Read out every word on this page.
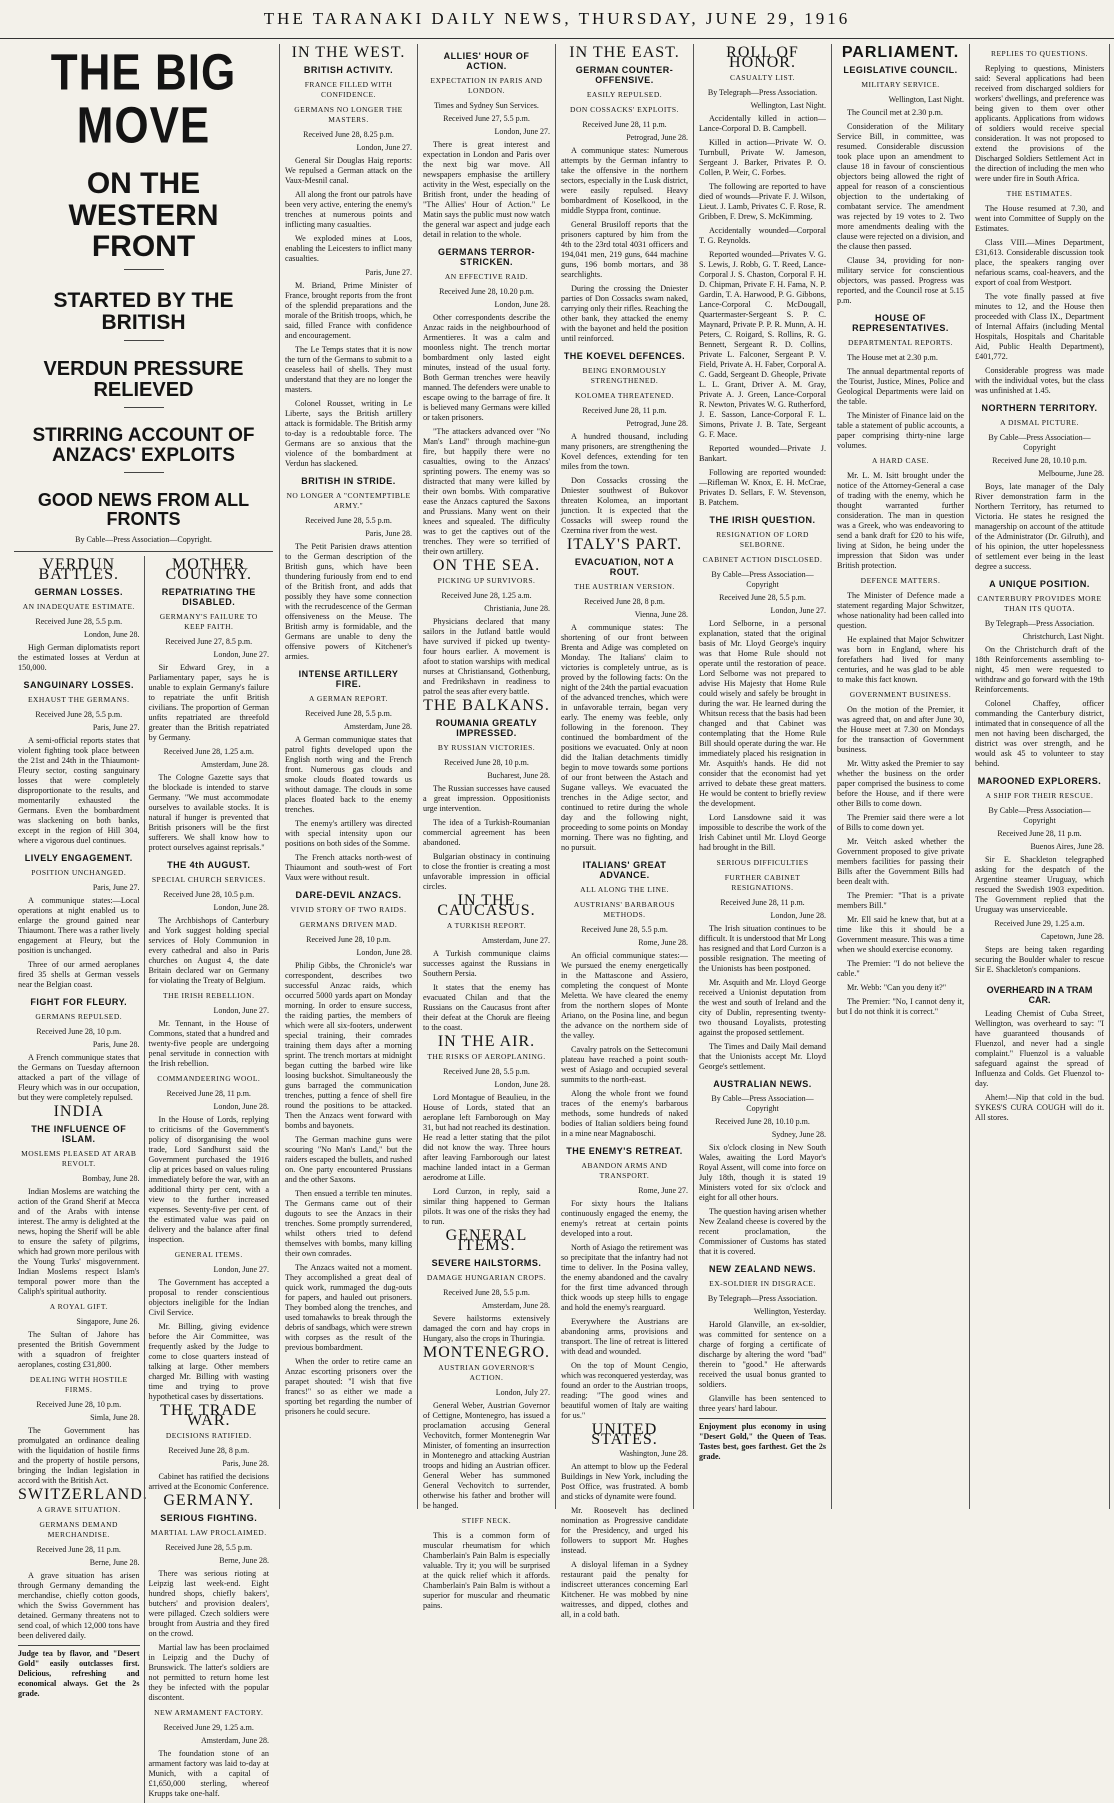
THE TARANAKI DAILY NEWS, THURSDAY, JUNE 29, 1916
THE BIG MOVE
ON THE WESTERN FRONT
STARTED BY THE BRITISH
VERDUN PRESSURE RELIEVED
STIRRING ACCOUNT OF ANZACS' EXPLOITS
GOOD NEWS FROM ALL FRONTS
By Cable—Press Association—Copyright.
VERDUN BATTLES.
GERMAN LOSSES.
AN INADEQUATE ESTIMATE.
Received June 28, 5.5 p.m.
London, June 28.

High German diplomatists report the estimated losses at Verdun at 150,000.

SANGUINARY LOSSES.
EXHAUST THE GERMANS.
Received June 28, 5.5 p.m.
Paris, June 27.

A semi-official reports states that violent fighting took place between the 21st and 24th in the Thiaumont-Fleury sector, costing sanguinary losses that were completely disproportionate to the results, and momentarily exhausted the Germans. Even the bombardment was slackening on both banks, except in the region of Hill 304, where a vigorous duel continues.

LIVELY ENGAGEMENT.
POSITION UNCHANGED.
Paris, June 27.

A communique states:—Local operations at night enabled us to enlarge the ground gained near Thiaumont. There was a rather lively engagement at Fleury, but the position is unchanged.

Three of our armed aeroplanes fired 35 shells at German vessels near the Belgian coast.

FIGHT FOR FLEURY.
GERMANS REPULSED.
Received June 28, 10 p.m.
Paris, June 28.

A French communique states that the Germans on Tuesday afternoon attacked a part of the village of Fleury which was in our occupation, but they were completely repulsed.

INDIA
THE INFLUENCE OF ISLAM.
MOSLEMS PLEASED AT ARAB REVOLT.
Bombay, June 28.

Indian Moslems are watching the action of the Grand Sherif at Mecca and of the Arabs with intense interest. The army is delighted at the news, hoping the Sherif will be able to ensure the safety of pilgrims, which had grown more perilous with the Young Turks' misgovernment. Indian Moslems respect Islam's temporal power more than the Caliph's spiritual authority.

A ROYAL GIFT.
Singapore, June 26.

The Sultan of Jahore has presented the British Government with a squadron of freighter aeroplanes, costing £31,800.

DEALING WITH HOSTILE FIRMS.
Received June 28, 10 p.m.
Simla, June 28.

The Government has promulgated an ordinance dealing with the liquidation of hostile firms and the property of hostile persons, bringing the Indian legislation in accord with the British Act.

SWITZERLAND.
A GRAVE SITUATION.
GERMANS DEMAND MERCHANDISE.
Received June 28, 11 p.m.
Berne, June 28.

A grave situation has arisen through Germany demanding the merchandise, chiefly cotton goods, which the Swiss Government has detained. Germany threatens not to send coal, of which 12,000 tons have been delivered daily.

Judge tea by flavor, and "Desert Gold" easily outclasses first. Delicious, refreshing and economical always. Get the 2s grade.
MOTHER COUNTRY.
REPATRIATING THE DISABLED.
GERMANY'S FAILURE TO KEEP FAITH.
Received June 27, 8.5 p.m.
London, June 27.

Sir Edward Grey, in a Parliamentary paper, says he is unable to explain Germany's failure to repatriate the unfit British civilians. The proportion of German unfits repatriated are threefold greater than the British repatriated by Germany.

Received June 28, 1.25 a.m.
Amsterdam, June 28.

The Cologne Gazette says that the blockade is intended to starve Germany. "We must accommodate ourselves to available stocks. It is natural if hunger is prevented that British prisoners will be the first sufferers. We shall know how to protect ourselves against reprisals."

THE 4th AUGUST.
SPECIAL CHURCH SERVICES.
Received June 28, 10.5 p.m.
London, June 28.

The Archbishops of Canterbury and York suggest holding special services of Holy Communion in every cathedral and also in Paris churches on August 4, the date Britain declared war on Germany for violating the Treaty of Belgium.

THE IRISH REBELLION.
London, June 27.

Mr. Tennant, in the House of Commons, stated that a hundred and twenty-five people are undergoing penal servitude in connection with the Irish rebellion.

COMMANDEERING WOOL.
Received June 28, 11 p.m.
London, June 28.

In the House of Lords, replying to criticisms of the Government's policy of disorganising the wool trade, Lord Sandhurst said the Government purchased the 1916 clip at prices based on values ruling immediately before the war, with an additional thirty per cent, with a view to the further increased expenses. Seventy-five per cent. of the estimated value was paid on delivery and the balance after final inspection.

GENERAL ITEMS.
London, June 27.

The Government has accepted a proposal to render conscientious objectors ineligible for the Indian Civil Service.

Mr. Billing, giving evidence before the Air Committee, was frequently asked by the Judge to come to close quarters instead of talking at large. Other members charged Mr. Billing with wasting time and trying to prove hypothetical cases by dissertations.

THE TRADE WAR.
DECISIONS RATIFIED.
Received June 28, 8 p.m.
Paris, June 28.

Cabinet has ratified the decisions arrived at the Economic Conference.

GERMANY.
SERIOUS FIGHTING.
MARTIAL LAW PROCLAIMED.
Received June 28, 5.5 p.m.
Berne, June 28.

There was serious rioting at Leipzig last week-end. Eight hundred shops, chiefly bakers', butchers' and provision dealers', were pillaged. Czech soldiers were brought from Austria and they fired on the crowd.

Martial law has been proclaimed in Leipzig and the Duchy of Brunswick. The latter's soldiers are not permitted to return home lest they be infected with the popular discontent.

NEW ARMAMENT FACTORY.
Received June 29, 1.25 a.m.
Amsterdam, June 28.

The foundation stone of an armament factory was laid to-day at Munich, with a capital of £1,650,000 sterling, whereof Krupps take one-half.

IN THE WEST.
BRITISH ACTIVITY.
FRANCE FILLED WITH CONFIDENCE.
GERMANS NO LONGER THE MASTERS.
Received June 28, 8.25 p.m.
London, June 27.

General Sir Douglas Haig reports: We repulsed a German attack on the Vaux-Mesnil canal.

All along the front our patrols have been very active, entering the enemy's trenches at numerous points and inflicting many casualties.

We exploded mines at Loos, enabling the Leicesters to inflict many casualties.

Paris, June 27.

M. Briand, Prime Minister of France, brought reports from the front of the splendid preparations and the morale of the British troops, which, he said, filled France with confidence and encouragement.

The Le Temps states that it is now the turn of the Germans to submit to a ceaseless hail of shells. They must understand that they are no longer the masters.

Colonel Rousset, writing in Le Liberte, says the British artillery attack is formidable. The British army to-day is a redoubtable force. The Germans are so anxious that the violence of the bombardment at Verdun has slackened.

BRITISH IN STRIDE.
NO LONGER A "CONTEMPTIBLE ARMY."
Received June 28, 5.5 p.m.
Paris, June 28.

The Petit Parisien draws attention to the German description of the British guns, which have been thundering furiously from end to end of the British front, and adds that possibly they have some connection with the recrudescence of the German offensiveness on the Meuse. The British army is formidable, and the Germans are unable to deny the offensive powers of Kitchener's armies.

INTENSE ARTILLERY FIRE.
A GERMAN REPORT.
Received June 28, 5.5 p.m.
Amsterdam, June 28.

A German communique states that patrol fights developed upon the English north wing and the French front. Numerous gas clouds and smoke clouds floated towards us without damage. The clouds in some places floated back to the enemy trenches.

The enemy's artillery was directed with special intensity upon our positions on both sides of the Somme.

The French attacks north-west of Thiaumont and south-west of Fort Vaux were without result.

DARE-DEVIL ANZACS.
VIVID STORY OF TWO RAIDS.
GERMANS DRIVEN MAD.
Received June 28, 10 p.m.
London, June 28.

Philip Gibbs, the Chronicle's war correspondent, describes two successful Anzac raids, which occurred 5000 yards apart on Monday morning. In order to ensure success, the raiding parties, the members of which were all six-footers, underwent special training, their comrades training them days after a morning sprint. The trench mortars at midnight began cutting the barbed wire like loosing buckshot. Simultaneously the guns barraged the communication trenches, putting a fence of shell fire round the positions to be attacked. Then the Anzacs went forward with bombs and bayonets.

The German machine guns were scouring "No Man's Land," but the raiders escaped the bullets, and rushed on. One party encountered Prussians and the other Saxons.

Then ensued a terrible ten minutes. The Germans came out of their dugouts to see the Anzacs in their trenches. Some promptly surrendered, whilst others tried to defend themselves with bombs, many killing their own comrades.

The Anzacs waited not a moment. They accomplished a great deal of quick work, rummaged the dug-outs for papers, and hauled out prisoners. They bombed along the trenches, and used tomahawks to break through the debris of sandbags, which were strewn with corpses as the result of the previous bombardment.

When the order to retire came an Anzac escorting prisoners over the parapet shouted: "I wish that five francs!" so as either we made a sporting bet regarding the number of prisoners he could secure.

ALLIES' HOUR OF ACTION.
EXPECTATION IN PARIS AND LONDON.
Times and Sydney Sun Services.
Received June 27, 5.5 p.m.
London, June 27.

There is great interest and expectation in London and Paris over the next big war move. All newspapers emphasise the artillery activity in the West, especially on the British front, under the heading of "The Allies' Hour of Action." Le Matin says the public must now watch the general war aspect and judge each detail in relation to the whole.

GERMANS TERROR-STRICKEN.
AN EFFECTIVE RAID.
Received June 28, 10.20 p.m.
London, June 28.

Other correspondents describe the Anzac raids in the neighbourhood of Armentieres. It was a calm and moonless night. The trench mortar bombardment only lasted eight minutes, instead of the usual forty. Both German trenches were heavily manned. The defenders were unable to escape owing to the barrage of fire. It is believed many Germans were killed or taken prisoners.

"The attackers advanced over "No Man's Land" through machine-gun fire, but happily there were no casualties, owing to the Anzacs' sprinting powers. The enemy was so distracted that many were killed by their own bombs. With comparative ease the Anzacs captured the Saxons and Prussians. Many went on their knees and squealed. The difficulty was to get the captives out of the trenches. They were so terrified of their own artillery.

ON THE SEA.
PICKING UP SURVIVORS.
Received June 28, 1.25 a.m.
Christiania, June 28.

Physicians declared that many sailors in the Jutland battle would have survived if picked up twenty-four hours earlier. A movement is afoot to station warships with medical nurses at Christiansand, Gothenburg, and Fredrikshavn in readiness to patrol the seas after every battle.

THE BALKANS.
ROUMANIA GREATLY IMPRESSED.
BY RUSSIAN VICTORIES.
Received June 28, 10 p.m.
Bucharest, June 28.

The Russian successes have caused a great impression. Oppositionists urge intervention.

The idea of a Turkish-Roumanian commercial agreement has been abandoned.

Bulgarian obstinacy in continuing to close the frontier is creating a most unfavorable impression in official circles.

IN THE CAUCASUS.
A TURKISH REPORT.
Amsterdam, June 27.

A Turkish communique claims successes against the Russians in Southern Persia.

It states that the enemy has evacuated Chilan and that the Russians on the Caucasus front after their defeat at the Choruk are fleeing to the coast.

IN THE AIR.
THE RISKS OF AEROPLANING.
Received June 28, 5.5 p.m.
London, June 28.

Lord Montague of Beaulieu, in the House of Lords, stated that an aeroplane left Farnborough on May 31, but had not reached its destination. He read a letter stating that the pilot did not know the way. Three hours after leaving Farnborough our latest machine landed intact in a German aerodrome at Lille.

Lord Curzon, in reply, said a similar thing happened to German pilots. It was one of the risks they had to run.

GENERAL ITEMS.
SEVERE HAILSTORMS.
DAMAGE HUNGARIAN CROPS.
Received June 28, 5.5 p.m.
Amsterdam, June 28.

Severe hailstorms extensively damaged the corn and hay crops in Hungary, also the crops in Thuringia.

MONTENEGRO.
AUSTRIAN GOVERNOR'S ACTION.
London, July 27.

General Weber, Austrian Governor of Cettigne, Montenegro, has issued a proclamation accusing General Vechovitch, former Montenegrin War Minister, of fomenting an insurrection in Montenegro and attacking Austrian troops and hiding an Austrian officer. General Weber has summoned General Vechovitch to surrender, otherwise his father and brother will be hanged.

STIFF NECK.

This is a common form of muscular rheumatism for which Chamberlain's Pain Balm is especially valuable. Try it; you will be surprised at the quick relief which it affords. Chamberlain's Pain Balm is without a superior for muscular and rheumatic pains.

IN THE EAST.
GERMAN COUNTER-OFFENSIVE.
EASILY REPULSED.
DON COSSACKS' EXPLOITS.
Received June 28, 11 p.m.
Petrograd, June 28.

A communique states: Numerous attempts by the German infantry to take the offensive in the northern sectors, especially in the Lusk district, were easily repulsed. Heavy bombardment of Koselkood, in the middle Styppa front, continue.

General Brusiloff reports that the prisoners captured by him from the 4th to the 23rd total 4031 officers and 194,041 men, 219 guns, 644 machine guns, 196 bomb mortars, and 38 searchlights.

During the crossing the Dniester parties of Don Cossacks swam naked, carrying only their rifles. Reaching the other bank, they attacked the enemy with the bayonet and held the position until reinforced.

THE KOEVEL DEFENCES.
BEING ENORMOUSLY STRENGTHENED.
KOLOMEA THREATENED.
Received June 28, 11 p.m.
Petrograd, June 28.

A hundred thousand, including many prisoners, are strengthening the Kovel defences, extending for ten miles from the town.

Don Cossacks crossing the Dniester southwest of Bukovor threaten Kolomea, an important junction. It is expected that the Cossacks will sweep round the Czernina river from the west.

ITALY'S PART.
EVACUATION, NOT A ROUT.
THE AUSTRIAN VERSION.
Received June 28, 8 p.m.
Vienna, June 28.

A communique states: The shortening of our front between Brenta and Adige was completed on Monday. The Italians' claim to victories is completely untrue, as is proved by the following facts: On the night of the 24th the partial evacuation of the advanced trenches, which were in unfavorable terrain, began very early. The enemy was feeble, only following in the forenoon. They continued the bombardment of the positions we evacuated. Only at noon did the Italian detachments timidly begin to move towards some portions of our front between the Astach and Sugane valleys. We evacuated the trenches in the Adige sector, and continued to retire during the whole day and the following night, proceeding to some points on Monday morning. There was no fighting, and no pursuit.

ITALIANS' GREAT ADVANCE.
ALL ALONG THE LINE.
AUSTRIANS' BARBAROUS METHODS.
Received June 28, 5.5 p.m.
Rome, June 28.

An official communique states:—We pursued the enemy energetically in the Mattascone and Assiero, completing the conquest of Monte Meletta. We have cleared the enemy from the northern slopes of Monte Ariano, on the Posina line, and begun the advance on the northern side of the valley.

Cavalry patrols on the Settecomuni plateau have reached a point south-west of Asiago and occupied several summits to the north-east.

Along the whole front we found traces of the enemy's barbarous methods, some hundreds of naked bodies of Italian soldiers being found in a mine near Magnaboschi.

THE ENEMY'S RETREAT.
ABANDON ARMS AND TRANSPORT.
Rome, June 27.

For sixty hours the Italians continuously engaged the enemy, the enemy's retreat at certain points developed into a rout.

North of Asiago the retirement was so precipitate that the infantry had not time to deliver. In the Posina valley, the enemy abandoned and the cavalry for the first time advanced through thick woods up steep hills to engage and hold the enemy's rearguard.

Everywhere the Austrians are abandoning arms, provisions and transport. The line of retreat is littered with dead and wounded.

On the top of Mount Cengio, which was reconquered yesterday, was found an order to the Austrian troops, reading: "The good wines and beautiful women of Italy are waiting for us."

UNITED STATES.
Washington, June 28.

An attempt to blow up the Federal Buildings in New York, including the Post Office, was frustrated. A bomb and sticks of dynamite were found.

Mr. Roosevelt has declined nomination as Progressive candidate for the Presidency, and urged his followers to support Mr. Hughes instead.

A disloyal lifeman in a Sydney restaurant paid the penalty for indiscreet utterances concerning Earl Kitchener. He was mobbed by nine waitresses, and dipped, clothes and all, in a cold bath.

ROLL OF HONOR.
CASUALTY LIST.
By Telegraph—Press Association.
Wellington, Last Night.

Accidentally killed in action—Lance-Corporal D. B. Campbell.

Killed in action—Private W. O. Turnbull, Private W. Jameson, Sergeant J. Barker, Privates P. O. Collen, P. Weir, C. Forbes.

The following are reported to have died of wounds—Private F. J. Wilson, Lieut. J. Lamb, Privates C. F. Rose, R. Gribben, F. Drew, S. McKimming.

Accidentally wounded—Corporal T. G. Reynolds.

Reported wounded—Privates V. G. S. Lewis, J. Robb, G. T. Reed, Lance-Corporal J. S. Chaston, Corporal F. H. D. Chipman, Private F. H. Fama, N. P. Gardin, T. A. Harwood, P. G. Gibbons, Lance-Corporal C. McDougall, Quartermaster-Sergeant S. P. C. Maynard, Private P. P. R. Munn, A. H. Peters, C. Roigard, S. Rollins, R. G. Bennett, Sergeant R. D. Collins, Private L. Falconer, Sergeant P. V. Field, Private A. H. Faber, Corporal A. C. Gadd, Sergeant D. Gheople, Private L. L. Grant, Driver A. M. Gray, Private A. J. Green, Lance-Corporal R. Newton, Privates W. G. Rutherford, J. E. Sasson, Lance-Corporal F. L. Simons, Private J. B. Tate, Sergeant G. F. Mace.

Reported wounded—Private J. Bankart.

Following are reported wounded:—Rifleman W. Knox, E. H. McCrae, Privates D. Sellars, F. W. Stevenson, B. Patchem.

THE IRISH QUESTION.
RESIGNATION OF LORD SELBORNE.
CABINET ACTION DISCLOSED.
By Cable—Press Association—Copyright
Received June 28, 5.5 p.m.
London, June 27.

Lord Selborne, in a personal explanation, stated that the original basis of Mr. Lloyd George's inquiry was that Home Rule should not operate until the restoration of peace. Lord Selborne was not prepared to advise His Majesty that Home Rule could wisely and safely be brought in during the war. He learned during the Whitsun recess that the basis had been changed and that Cabinet was contemplating that the Home Rule Bill should operate during the war. He immediately placed his resignation in Mr. Asquith's hands. He did not consider that the economist had yet arrived to debate these great matters. He would be content to briefly review the development.

Lord Lansdowne said it was impossible to describe the work of the Irish Cabinet until Mr. Lloyd George had brought in the Bill.

SERIOUS DIFFICULTIES
FURTHER CABINET RESIGNATIONS.
Received June 28, 11 p.m.
London, June 28.

The Irish situation continues to be difficult. It is understood that Mr Long has resigned and that Lord Curzon is a possible resignation. The meeting of the Unionists has been postponed.

Mr. Asquith and Mr. Lloyd George received a Unionist deputation from the west and south of Ireland and the city of Dublin, representing twenty-two thousand Loyalists, protesting against the proposed settlement.

The Times and Daily Mail demand that the Unionists accept Mr. Lloyd George's settlement.

AUSTRALIAN NEWS.
By Cable—Press Association—Copyright
Received June 28, 10.10 p.m.
Sydney, June 28.

Six o'clock closing in New South Wales, awaiting the Lord Mayor's Royal Assent, will come into force on July 18th, though it is stated 19 Ministers voted for six o'clock and eight for all other hours.

The question having arisen whether New Zealand cheese is covered by the recent proclamation, the Commissioner of Customs has stated that it is covered.

NEW ZEALAND NEWS.
EX-SOLDIER IN DISGRACE.
By Telegraph—Press Association.
Wellington, Yesterday.

Harold Glanville, an ex-soldier, was committed for sentence on a charge of forging a certificate of discharge by altering the word "bad" therein to "good." He afterwards received the usual bonus granted to soldiers.

Glanville has been sentenced to three years' hard labour.

Enjoyment plus economy in using "Desert Gold," the Queen of Teas. Tastes best, goes farthest. Get the 2s grade.
PARLIAMENT.
LEGISLATIVE COUNCIL.
MILITARY SERVICE.
Wellington, Last Night.

The Council met at 2.30 p.m.

Consideration of the Military Service Bill, in committee, was resumed. Considerable discussion took place upon an amendment to clause 18 in favour of conscientious objectors being allowed the right of appeal for reason of a conscientious objection to the undertaking of combatant service. The amendment was rejected by 19 votes to 2. Two more amendments dealing with the clause were rejected on a division, and the clause then passed.

Clause 34, providing for non-military service for conscientious objectors, was passed. Progress was reported, and the Council rose at 5.15 p.m.

HOUSE OF REPRESENTATIVES.
DEPARTMENTAL REPORTS.

The House met at 2.30 p.m.

The annual departmental reports of the Tourist, Justice, Mines, Police and Geological Departments were laid on the table.

The Minister of Finance laid on the table a statement of public accounts, a paper comprising thirty-nine large volumes.

A HARD CASE.

Mr. L. M. Isitt brought under the notice of the Attorney-General a case of trading with the enemy, which he thought warranted further consideration. The man in question was a Greek, who was endeavoring to send a bank draft for £20 to his wife, living at Sidon, he being under the impression that Sidon was under British protection.

DEFENCE MATTERS.

The Minister of Defence made a statement regarding Major Schwitzer, whose nationality had been called into question.

He explained that Major Schwitzer was born in England, where his forefathers had lived for many centuries, and he was glad to be able to make this fact known.

GOVERNMENT BUSINESS.

On the motion of the Premier, it was agreed that, on and after June 30, the House meet at 7.30 on Mondays for the transaction of Government business.

Mr. Witty asked the Premier to say whether the business on the order paper comprised the business to come before the House, and if there were other Bills to come down.

The Premier said there were a lot of Bills to come down yet.

Mr. Veitch asked whether the Government proposed to give private members facilities for passing their Bills after the Government Bills had been dealt with.

The Premier: "That is a private members Bill."

Mr. Ell said he knew that, but at a time like this it should be a Government measure. This was a time when we should exercise economy.

The Premier: "I do not believe the cable."

Mr. Webb: "Can you deny it?"

The Premier: "No, I cannot deny it, but I do not think it is correct."

REPLIES TO QUESTIONS.

Replying to questions, Ministers said: Several applications had been received from discharged soldiers for workers' dwellings, and preference was being given to them over other applicants. Applications from widows of soldiers would receive special consideration. It was not proposed to extend the provisions of the Discharged Soldiers Settlement Act in the direction of including the men who were under fire in South Africa.

THE ESTIMATES.

The House resumed at 7.30, and went into Committee of Supply on the Estimates.

Class VIII.—Mines Department, £31,613. Considerable discussion took place, the speakers ranging over nefarious scams, coal-heavers, and the export of coal from Westport.

The vote finally passed at five minutes to 12, and the House then proceeded with Class IX., Department of Internal Affairs (including Mental Hospitals, Hospitals and Charitable Aid, Public Health Department), £401,772.

Considerable progress was made with the individual votes, but the class was unfinished at 1.45.

NORTHERN TERRITORY.
A DISMAL PICTURE.
By Cable—Press Association—Copyright
Received June 28, 10.10 p.m.
Melbourne, June 28.

Boys, late manager of the Daly River demonstration farm in the Northern Territory, has returned to Victoria. He states he resigned the managership on account of the attitude of the Administrator (Dr. Gilruth), and of his opinion, the utter hopelessness of settlement ever being in the least degree a success.

A UNIQUE POSITION.
CANTERBURY PROVIDES MORE THAN ITS QUOTA.
By Telegraph—Press Association.
Christchurch, Last Night.

On the Christchurch draft of the 18th Reinforcements assembling to-night, 45 men were requested to withdraw and go forward with the 19th Reinforcements.

Colonel Chaffey, officer commanding the Canterbury district, intimated that in consequence of all the men not having been discharged, the district was over strength, and he would ask 45 to volunteer to stay behind.

MAROONED EXPLORERS.
A SHIP FOR THEIR RESCUE.
By Cable—Press Association—Copyright
Received June 28, 11 p.m.
Buenos Aires, June 28.

Sir E. Shackleton telegraphed asking for the despatch of the Argentine steamer Uruguay, which rescued the Swedish 1903 expedition. The Government replied that the Uruguay was unserviceable.

Received June 29, 1.25 a.m.
Capetown, June 28.

Steps are being taken regarding securing the Boulder whaler to rescue Sir E. Shackleton's companions.

OVERHEARD IN A TRAM CAR.

Leading Chemist of Cuba Street, Wellington, was overheard to say: "I have guaranteed thousands of Fluenzol, and never had a single complaint." Fluenzol is a valuable safeguard against the spread of Influenza and Colds. Get Fluenzol to-day.

Ahem!—Nip that cold in the bud. SYKES'S CURA COUGH will do it. All stores.
